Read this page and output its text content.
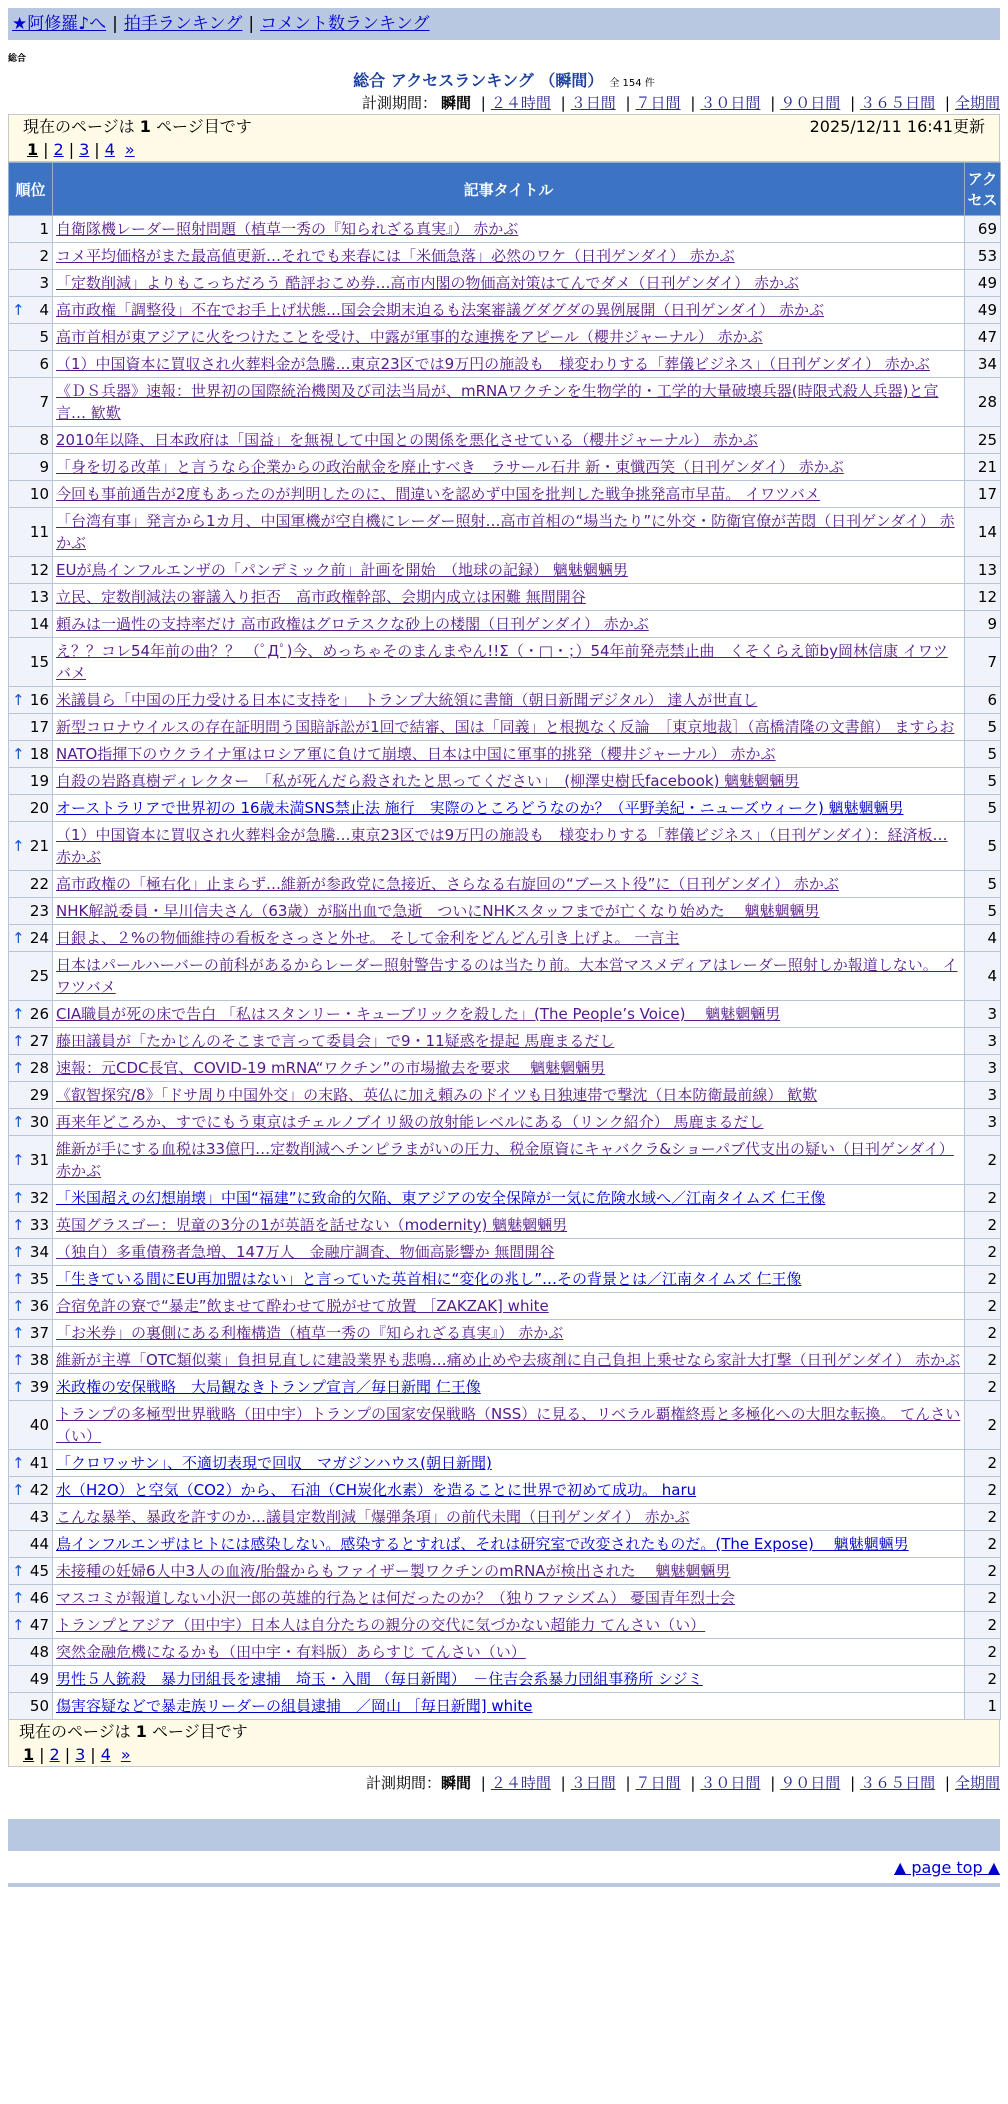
★阿修羅♪へ | 拍手ランキング | コメント数ランキング
総合
総合 アクセスランキング （瞬間） 全 154 件
計測期間： 瞬間 | ２４時間 | ３日間 | ７日間 | ３０日間 | ９０日間 | ３６５日間 | 全期間
現在のページは 1 ページ目です	2025/12/11 16:41更新
1 | 2 | 3 | 4 »
順位	記事タイトル	アクセス
1	自衛隊機レーダー照射問題（植草一秀の『知られざる真実』） 赤かぶ	69
2	コメ平均価格がまた最高値更新…それでも来春には「米価急落」必然のワケ（日刊ゲンダイ） 赤かぶ	53
3	「定数削減」よりもこっちだろう 酷評おこめ券…高市内閣の物価高対策はてんでダメ（日刊ゲンダイ） 赤かぶ	49

↑ 4	高市政権「調整役」不在でお手上げ状態…国会会期末迫るも法案審議グダグダの異例展開（日刊ゲンダイ） 赤かぶ	49
5	高市首相が東アジアに火をつけたことを受け、中露が軍事的な連携をアピール（櫻井ジャーナル） 赤かぶ	47
6	（1）中国資本に買収され火葬料金が急騰…東京23区では9万円の施設も　様変わりする「葬儀ビジネス」（日刊ゲンダイ） 赤かぶ	34
7	《ＤＳ兵器》速報：世界初の国際統治機関及び司法当局が、mRNAワクチンを生物学的・工学的大量破壊兵器(時限式殺人兵器)と宣言… 歓歎	28
8	2010年以降、日本政府は「国益」を無視して中国との関係を悪化させている（櫻井ジャーナル） 赤かぶ	25
9	「身を切る改革」と言うなら企業からの政治献金を廃止すべき　ラサール石井 新・東懺西笑（日刊ゲンダイ） 赤かぶ	21
10	今回も事前通告が2度もあったのが判明したのに、間違いを認めず中国を批判した戦争挑発高市早苗。 イワツバメ	17
11	「台湾有事」発言から1カ月、中国軍機が空自機にレーダー照射…高市首相の“場当たり”に外交・防衛官僚が苦悶（日刊ゲンダイ） 赤かぶ	14
12	EUが鳥インフルエンザの「パンデミック前」計画を開始　（地球の記録） 魑魅魍魎男	13
13	立民、定数削減法の審議入り拒否　高市政権幹部、会期内成立は困難 無間開谷	12
14	頼みは一過性の支持率だけ 高市政権はグロテスクな砂上の楼閣（日刊ゲンダイ） 赤かぶ	9
15	え？？コレ54年前の曲？？ （ﾟДﾟ)今、めっちゃそのまんまやん!!Σ（・□・；）54年前発売禁止曲　くそくらえ節by岡林信康 イワツバメ	7

↑ 16	米議員ら「中国の圧力受ける日本に支持を」　トランプ大統領に書簡（朝日新聞デジタル） 達人が世直し	6
17	新型コロナウイルスの存在証明問う国賠訴訟が1回で結審、国は「同義」と根拠なく反論　［東京地裁］（高橋清隆の文書館） ますらお	5

↑ 18	NATO指揮下のウクライナ軍はロシア軍に負けて崩壊、日本は中国に軍事的挑発（櫻井ジャーナル） 赤かぶ	5
19	自殺の岩路真樹ディレクター　「私が死んだら殺されたと思ってください」　(柳澤史樹氏facebook) 魑魅魍魎男	5
20	オーストラリアで世界初の 16歳未満SNS禁止法 施行　実際のところどうなのか？（平野美紀・ニューズウィーク) 魑魅魍魎男	5

↑ 21	（1）中国資本に買収され火葬料金が急騰…東京23区では9万円の施設も　様変わりする「葬儀ビジネス」（日刊ゲンダイ）：経済板… 赤かぶ	5
22	高市政権の「極右化」止まらず…維新が参政党に急接近、さらなる右旋回の“ブースト役”に（日刊ゲンダイ） 赤かぶ	5
23	NHK解説委員・早川信夫さん（63歳）が脳出血で急逝　ついにNHKスタッフまでが亡くなり始めた　 魑魅魍魎男	5

↑ 24	日銀よ、２%の物価維持の看板をさっさと外せ。 そして金利をどんどん引き上げよ。 一言主	4
25	日本はパールハーバーの前科があるからレーダー照射警告するのは当たり前。大本営マスメディアはレーダー照射しか報道しない。 イワツバメ	4

↑ 26	CIA職員が死の床で告白 「私はスタンリー・キューブリックを殺した」(The People’s Voice)　 魑魅魍魎男	3

↑ 27	藤田議員が「たかじんのそこまで言って委員会」で9・11疑惑を提起 馬鹿まるだし	3

↑ 28	速報：元CDC長官、COVID-19 mRNA“ワクチン”の市場撤去を要求　 魑魅魍魎男	3
29	《叡智探究/8》「ドサ周り中国外交」の末路、英仏に加え頼みのドイツも日独連帯で撃沈（日本防衛最前線） 歓歎	3

↑ 30	再来年どころか、すでにもう東京はチェルノブイリ級の放射能レベルにある（リンク紹介） 馬鹿まるだし	3

↑ 31	維新が手にする血税は33億円…定数削減ヘチンピラまがいの圧力、税金原資にキャバクラ&ショーパブ代支出の疑い（日刊ゲンダイ） 赤かぶ	2

↑ 32	「米国超えの幻想崩壊」中国“福建”に致命的欠陥、東アジアの安全保障が一気に危険水域へ／江南タイムズ 仁王像	2

↑ 33	英国グラスゴー：児童の3分の1が英語を話せない（modernity) 魑魅魍魎男	2

↑ 34	（独自）多重債務者急増、147万人　金融庁調査、物価高影響か 無間開谷	2

↑ 35	「生きている間にEU再加盟はない」と言っていた英首相に“変化の兆し”…その背景とは／江南タイムズ 仁王像	2

↑ 36	合宿免許の寮で“暴走”飲ませて酔わせて脱がせて放置 ［ZAKZAK] white	2

↑ 37	「お米券」の裏側にある利権構造（植草一秀の『知られざる真実』） 赤かぶ	2

↑ 38	維新が主導「OTC類似薬」負担見直しに建設業界も悲鳴…痛め止めや去痰剤に自己負担上乗せなら家計大打撃（日刊ゲンダイ） 赤かぶ	2

↑ 39	米政権の安保戦略　大局観なきトランプ宣言／毎日新聞 仁王像	2
40	トランプの多極型世界戦略（田中宇）トランプの国家安保戦略（NSS）に見る、リベラル覇権終焉と多極化への大胆な転換。 てんさい（い）	2

↑ 41	「クロワッサン」、不適切表現で回収　マガジンハウス(朝日新聞)	2

↑ 42	水（H2O）と空気（CO2）から、 石油（CH炭化水素）を造ることに世界で初めて成功。 haru	2
43	こんな暴挙、暴政を許すのか…議員定数削減「爆弾条項」の前代未聞（日刊ゲンダイ） 赤かぶ	2
44	鳥インフルエンザはヒトには感染しない。感染するとすれば、それは研究室で改変されたものだ。(The Expose)　 魑魅魍魎男	2

↑ 45	未接種の妊婦6人中3人の血液/胎盤からもファイザー製ワクチンのmRNAが検出された　 魑魅魍魎男	2

↑ 46	マスコミが報道しない小沢一郎の英雄的行為とは何だったのか？（独りファシズム） 憂国青年烈士会	2

↑ 47	トランプとアジア（田中宇）日本人は自分たちの親分の交代に気づかない超能力 てんさい（い）	2
48	突然金融危機になるかも（田中宇・有料版）あらすじ てんさい（い）	2
49	男性５人銃殺　暴力団組長を逮捕　埼玉・入間 （毎日新聞）　－住吉会系暴力団組事務所 シジミ	2
50	傷害容疑などで暴走族リーダーの組員逮捕　／岡山 ［毎日新聞] white	1
現在のページは 1 ページ目です
1 | 2 | 3 | 4 »
計測期間：瞬間 | ２４時間 | ３日間 | ７日間 | ３０日間 | ９０日間 | ３６５日間 | 全期間
▲ page top ▲
